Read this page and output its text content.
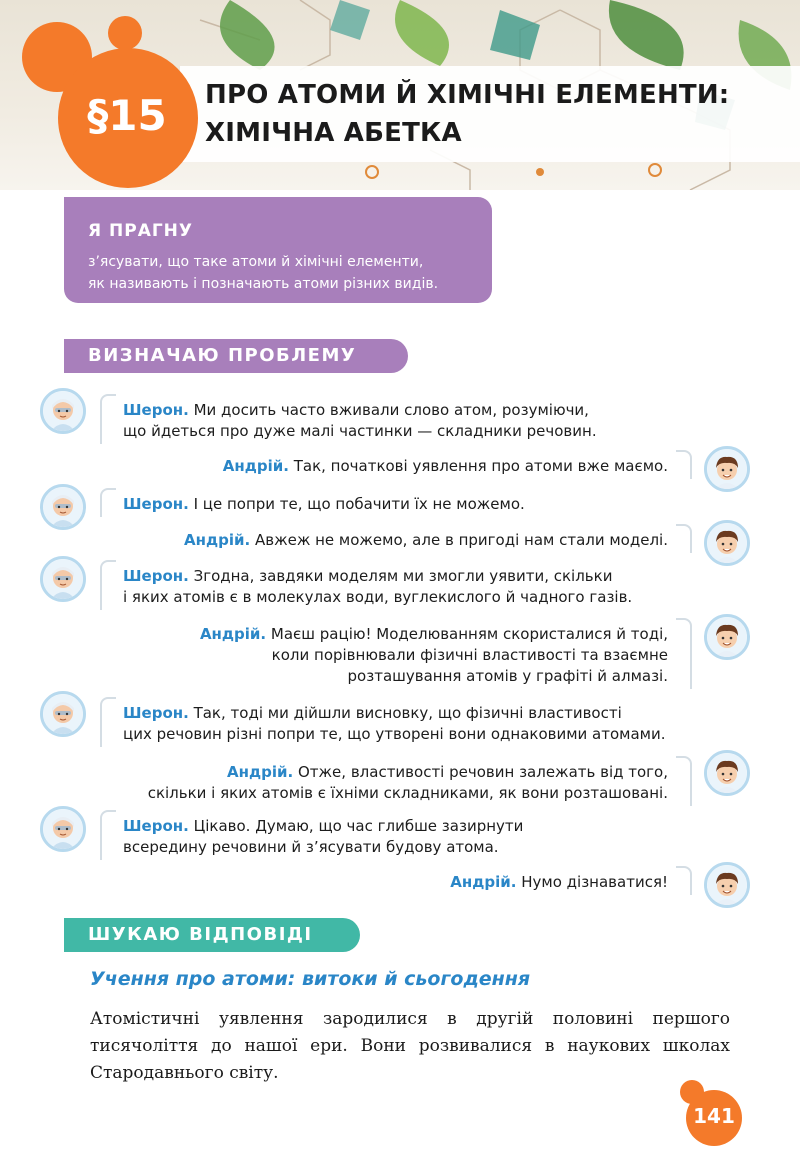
§15	ПРО АТОМИ Й ХІМІЧНІ ЕЛЕМЕНТИ:
ХІМІЧНА АБЕТКА
Я ПРАГНУ
з’ясувати, що таке атоми й хімічні елементи,
як називають і позначають атоми різних видів.
ВИЗНАЧАЮ ПРОБЛЕМУ
Шерон. Ми досить часто вживали слово атом, розуміючи,
що йдеться про дуже малі частинки — складники речовин.
Андрій. Так, початкові уявлення про атоми вже маємо.
Шерон. І це попри те, що побачити їх не можемо.
Андрій. Авжеж не можемо, але в пригоді нам стали моделі.
Шерон. Згодна, завдяки моделям ми змогли уявити, скільки
і яких атомів є в молекулах води, вуглекислого й чадного газів.
Андрій. Маєш рацію! Моделюванням скористалися й тоді,
коли порівнювали фізичні властивості та взаємне
розташування атомів у графіті й алмазі.
Шерон. Так, тоді ми дійшли висновку, що фізичні властивості
цих речовин різні попри те, що утворені вони однаковими атомами.
Андрій. Отже, властивості речовин залежать від того,
скільки і яких атомів є їхніми складниками, як вони розташовані.
Шерон. Цікаво. Думаю, що час глибше зазирнути
всередину речовини й з’ясувати будову атома.
Андрій. Нумо дізнаватися!
ШУКАЮ ВІДПОВІДІ
Учення про атоми: витоки й сьогодення
Атомістичні уявлення зародилися в другій половині першого тисячоліття до нашої ери. Вони розвивалися в наукових школах Стародавнього світу.
141
